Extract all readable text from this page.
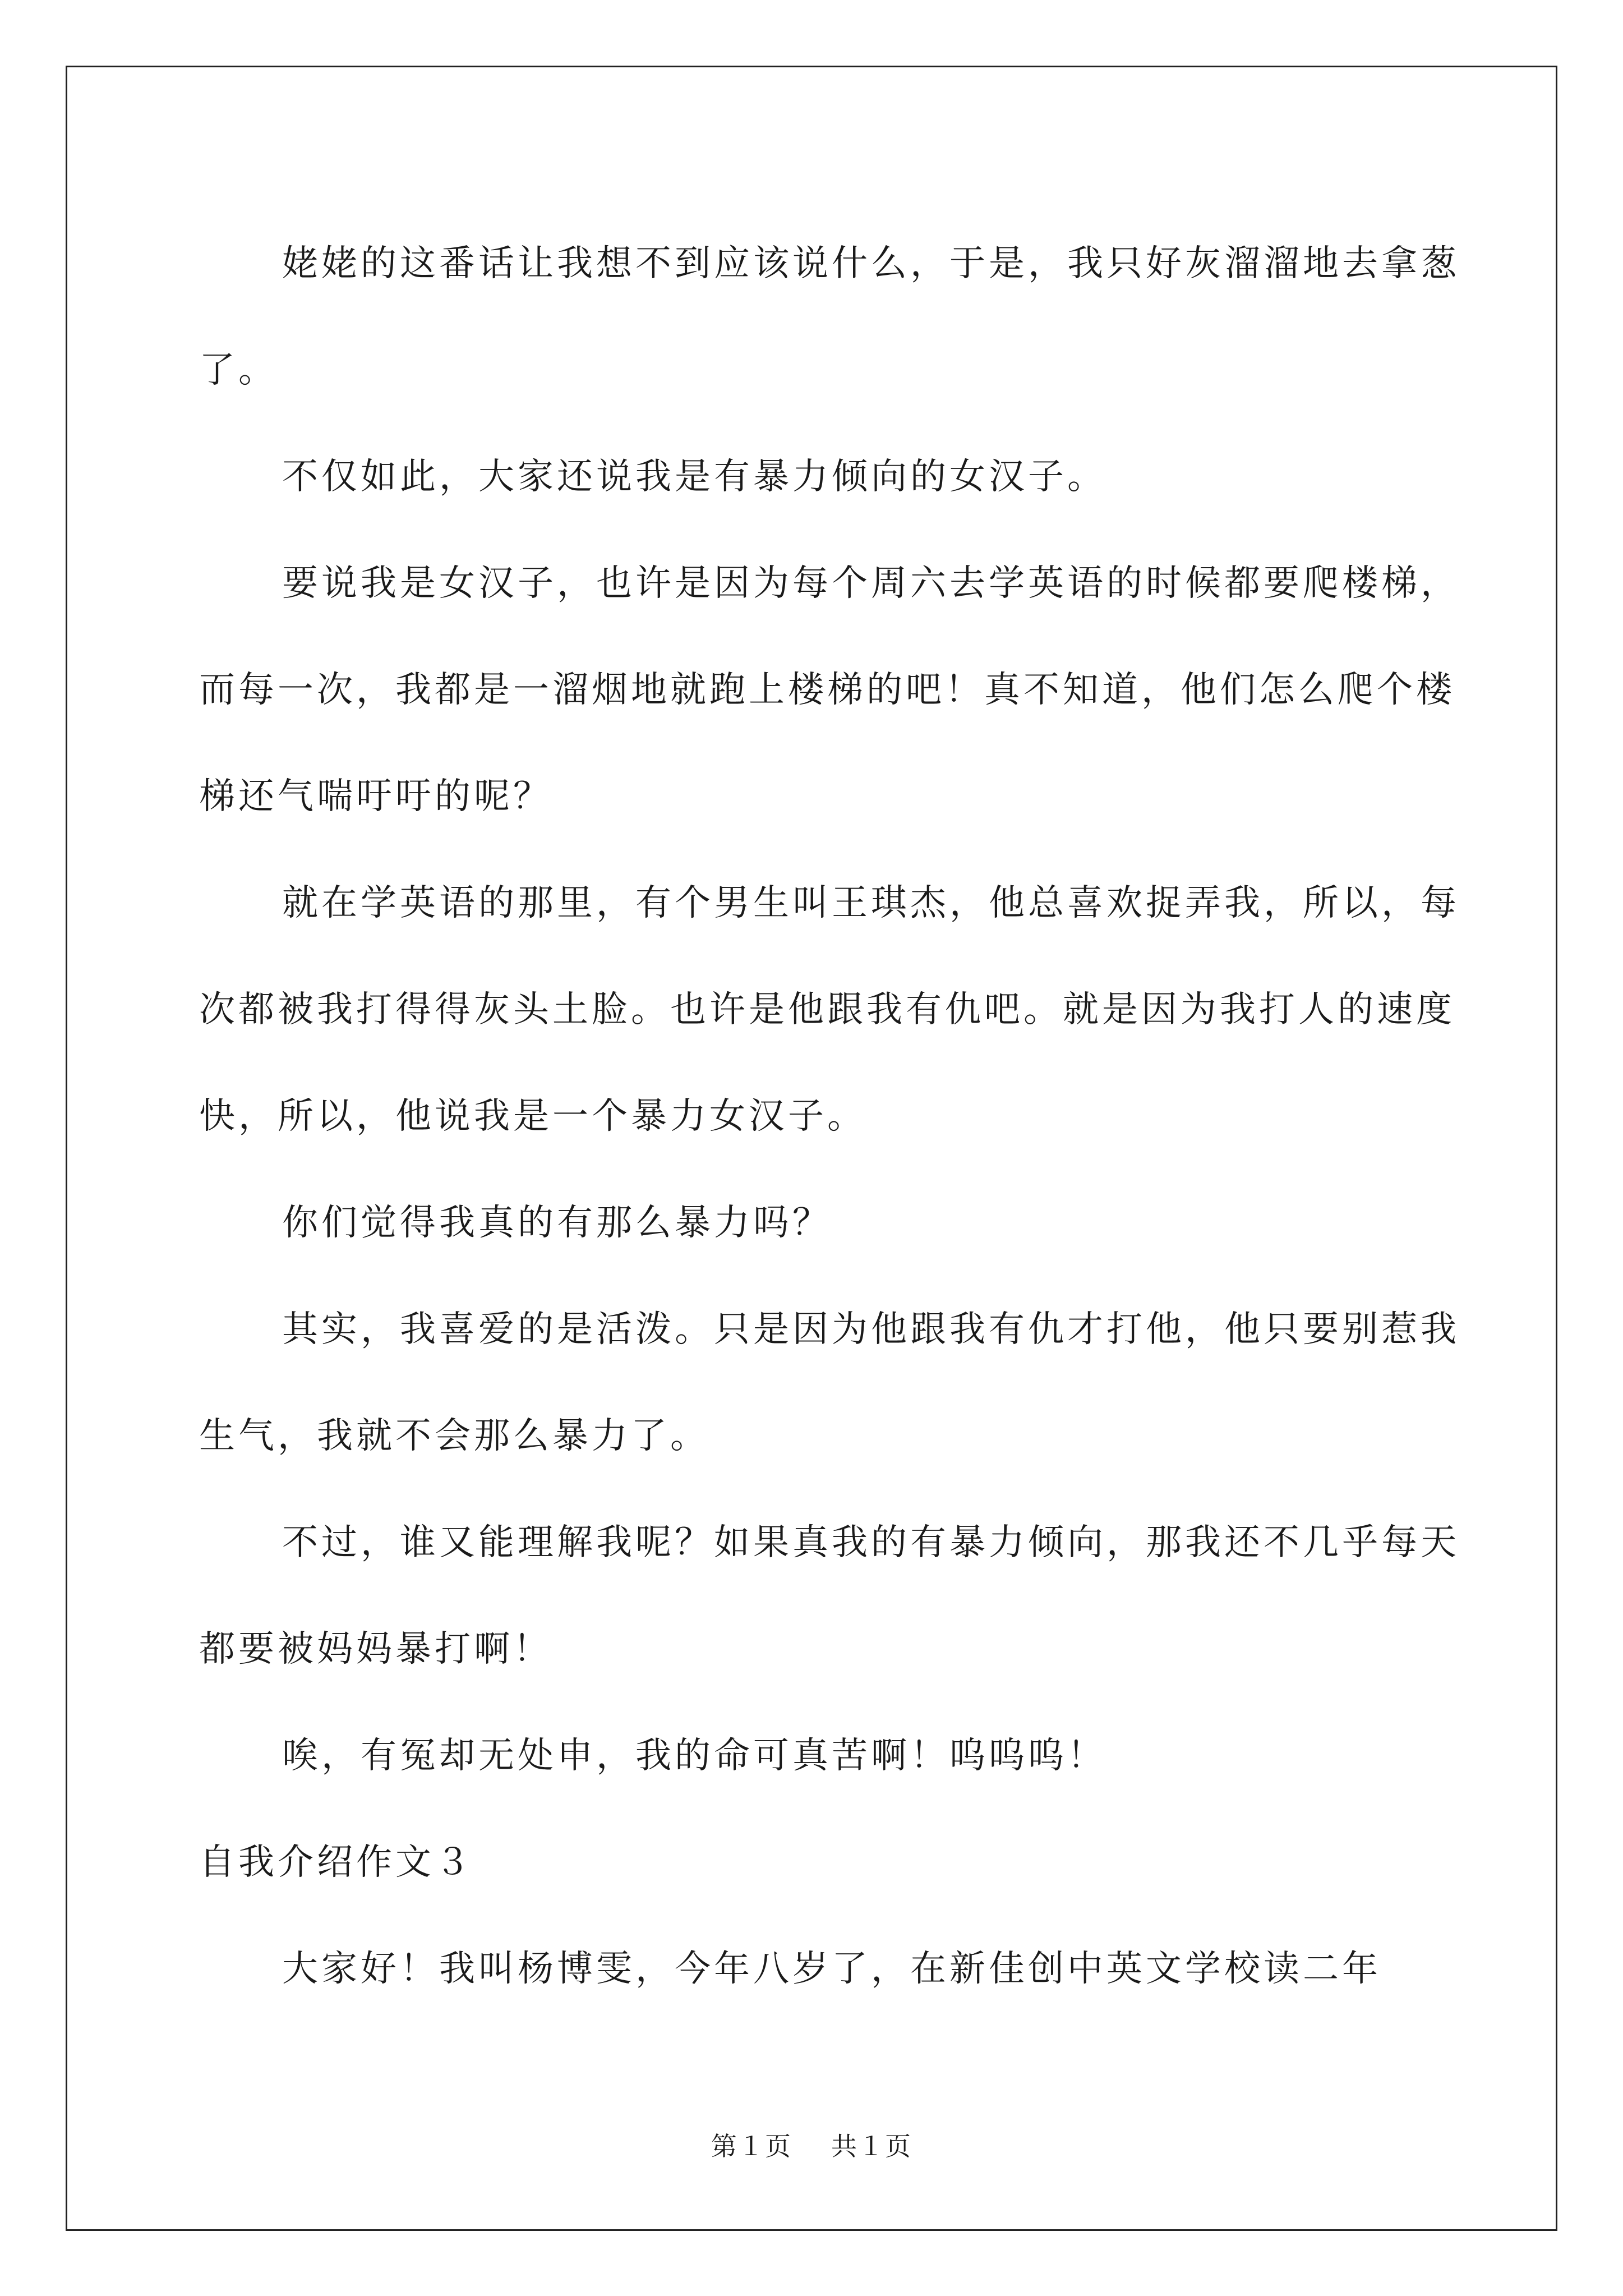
姥姥的这番话让我想不到应该说什么，于是，我只好灰溜溜地去拿葱了。

不仅如此，大家还说我是有暴力倾向的女汉子。

要说我是女汉子，也许是因为每个周六去学英语的时候都要爬楼梯，而每一次，我都是一溜烟地就跑上楼梯的吧！真不知道，他们怎么爬个楼梯还气喘吁吁的呢？

就在学英语的那里，有个男生叫王琪杰，他总喜欢捉弄我，所以，每次都被我打得得灰头土脸。也许是他跟我有仇吧。就是因为我打人的速度快，所以，他说我是一个暴力女汉子。

你们觉得我真的有那么暴力吗？

其实，我喜爱的是活泼。只是因为他跟我有仇才打他，他只要别惹我生气，我就不会那么暴力了。

不过，谁又能理解我呢？如果真我的有暴力倾向，那我还不几乎每天都要被妈妈暴打啊！

唉，有冤却无处申，我的命可真苦啊！呜呜呜！

自我介绍作文３

大家好！我叫杨博雯，今年八岁了，在新佳创中英文学校读二年

第１页 共１页
